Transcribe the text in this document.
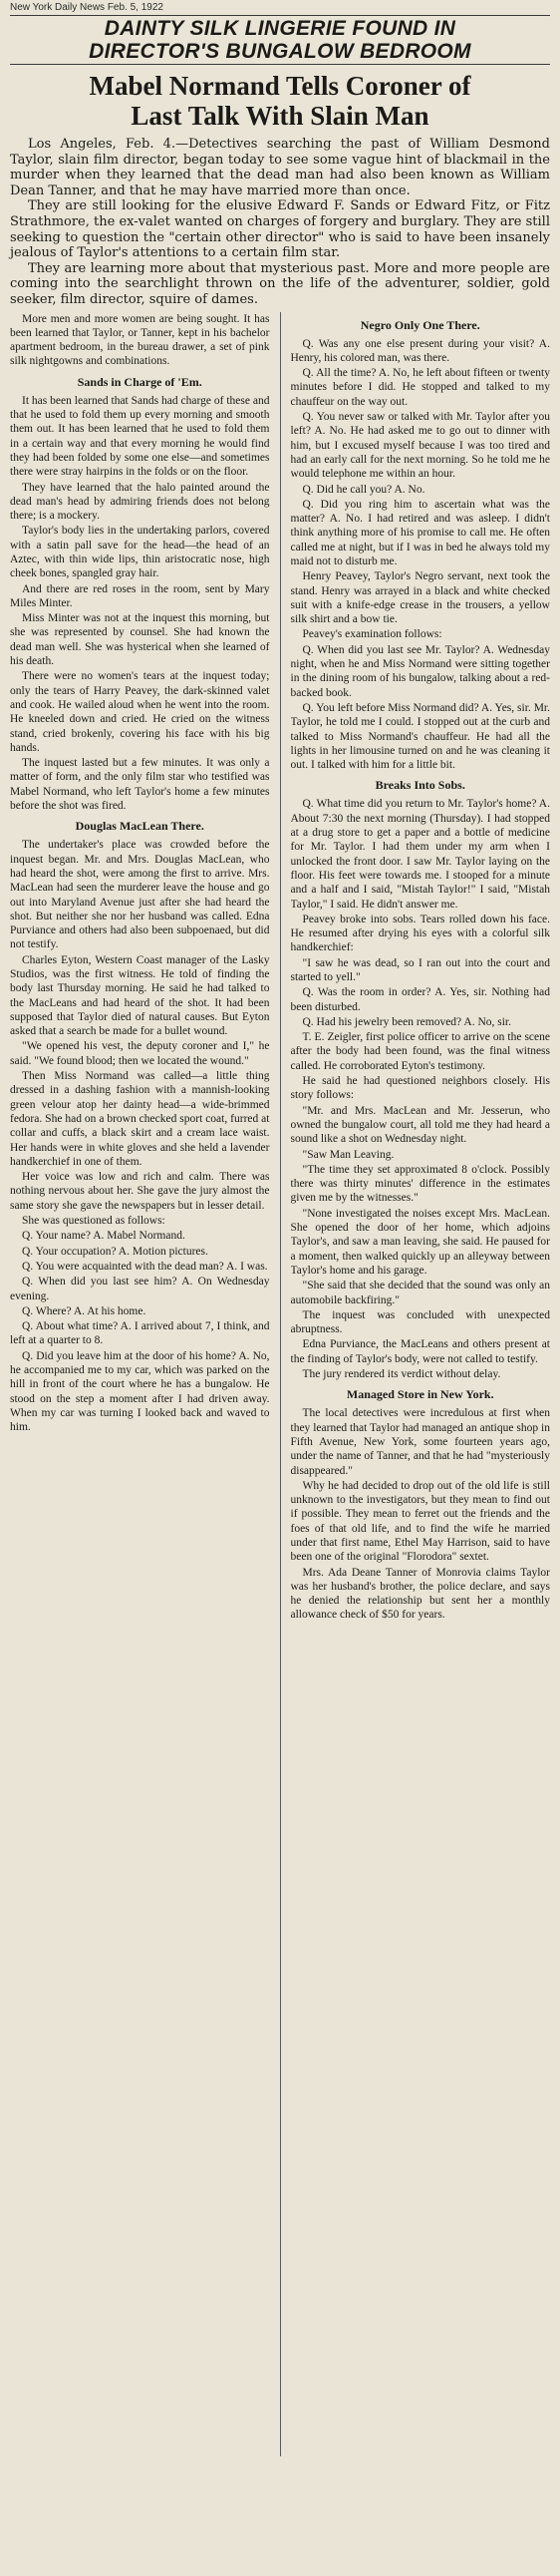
New York Daily News Feb. 5, 1922
DAINTY SILK LINGERIE FOUND IN
DIRECTOR'S BUNGALOW BEDROOM
Mabel Normand Tells Coroner of
Last Talk With Slain Man

Los Angeles, Feb. 4.—Detectives searching the past of William Desmond Taylor, slain film director, began today to see some vague hint of blackmail in the murder when they learned that the dead man had also been known as William Dean Tanner, and that he may have married more than once.

They are still looking for the elusive Edward F. Sands or Edward Fitz, or Fitz Strathmore, the ex-valet wanted on charges of forgery and burglary. They are still seeking to question the "certain other director" who is said to have been insanely jealous of Taylor's attentions to a certain film star.

They are learning more about that mysterious past. More and more people are coming into the searchlight thrown on the life of the adventurer, soldier, gold seeker, film director, squire of dames.

More men and more women are being sought. It has been learned that Taylor, or Tanner, kept in his bachelor apartment bedroom, in the bureau drawer, a set of pink silk nightgowns and combinations.

Sands in Charge of 'Em.

It has been learned that Sands had charge of these and that he used to fold them up every morning and smooth them out. It has been learned that he used to fold them in a certain way and that every morning he would find they had been folded by some one else—and sometimes there were stray hairpins in the folds or on the floor.

They have learned that the halo painted around the dead man's head by admiring friends does not belong there; is a mockery.

Taylor's body lies in the undertaking parlors, covered with a satin pall save for the head—the head of an Aztec, with thin wide lips, thin aristocratic nose, high cheek bones, spangled gray hair.

And there are red roses in the room, sent by Mary Miles Minter.

Miss Minter was not at the inquest this morning, but she was represented by counsel. She had known the dead man well. She was hysterical when she learned of his death.

There were no women's tears at the inquest today; only the tears of Harry Peavey, the dark-skinned valet and cook. He wailed aloud when he went into the room. He kneeled down and cried. He cried on the witness stand, cried brokenly, covering his face with his big hands.

The inquest lasted but a few minutes. It was only a matter of form, and the only film star who testified was Mabel Normand, who left Taylor's home a few minutes before the shot was fired.

Douglas MacLean There.

The undertaker's place was crowded before the inquest began. Mr. and Mrs. Douglas MacLean, who had heard the shot, were among the first to arrive. Mrs. MacLean had seen the murderer leave the house and go out into Maryland Avenue just after she had heard the shot. But neither she nor her husband was called. Edna Purviance and others had also been subpoenaed, but did not testify.

Charles Eyton, Western Coast manager of the Lasky Studios, was the first witness. He told of finding the body last Thursday morning. He said he had talked to the MacLeans and had heard of the shot. It had been supposed that Taylor died of natural causes. But Eyton asked that a search be made for a bullet wound.

"We opened his vest, the deputy coroner and I," he said. "We found blood; then we located the wound."

Then Miss Normand was called—a little thing dressed in a dashing fashion with a mannish-looking green velour atop her dainty head—a wide-brimmed fedora. She had on a brown checked sport coat, furred at collar and cuffs, a black skirt and a cream lace waist. Her hands were in white gloves and she held a lavender handkerchief in one of them.

Her voice was low and rich and calm. There was nothing nervous about her. She gave the jury almost the same story she gave the newspapers but in lesser detail.

She was questioned as follows:

Q. Your name? A. Mabel Normand.

Q. Your occupation? A. Motion pictures.

Q. You were acquainted with the dead man? A. I was.

Q. When did you last see him? A. On Wednesday evening.

Q. Where? A. At his home.

Q. About what time? A. I arrived about 7, I think, and left at a quarter to 8.

Q. Did you leave him at the door of his home? A. No, he accompanied me to my car, which was parked on the hill in front of the court where he has a bungalow. He stood on the step a moment after I had driven away. When my car was turning I looked back and waved to him.

Negro Only One There.

Q. Was any one else present during your visit? A. Henry, his colored man, was there.

Q. All the time? A. No, he left about fifteen or twenty minutes before I did. He stopped and talked to my chauffeur on the way out.

Q. You never saw or talked with Mr. Taylor after you left? A. No. He had asked me to go out to dinner with him, but I excused myself because I was too tired and had an early call for the next morning. So he told me he would telephone me within an hour.

Q. Did he call you? A. No.

Q. Did you ring him to ascertain what was the matter? A. No. I had retired and was asleep. I didn't think anything more of his promise to call me. He often called me at night, but if I was in bed he always told my maid not to disturb me.

Henry Peavey, Taylor's Negro servant, next took the stand. Henry was arrayed in a black and white checked suit with a knife-edge crease in the trousers, a yellow silk shirt and a bow tie.

Peavey's examination follows:

Q. When did you last see Mr. Taylor? A. Wednesday night, when he and Miss Normand were sitting together in the dining room of his bungalow, talking about a red-backed book.

Q. You left before Miss Normand did? A. Yes, sir. Mr. Taylor, he told me I could. I stopped out at the curb and talked to Miss Normand's chauffeur. He had all the lights in her limousine turned on and he was cleaning it out. I talked with him for a little bit.

Breaks Into Sobs.

Q. What time did you return to Mr. Taylor's home? A. About 7:30 the next morning (Thursday). I had stopped at a drug store to get a paper and a bottle of medicine for Mr. Taylor. I had them under my arm when I unlocked the front door. I saw Mr. Taylor laying on the floor. His feet were towards me. I stooped for a minute and a half and I said, "Mistah Taylor!" I said, "Mistah Taylor," I said. He didn't answer me.

Peavey broke into sobs. Tears rolled down his face. He resumed after drying his eyes with a colorful silk handkerchief:

"I saw he was dead, so I ran out into the court and started to yell."

Q. Was the room in order? A. Yes, sir. Nothing had been disturbed.

Q. Had his jewelry been removed? A. No, sir.

T. E. Zeigler, first police officer to arrive on the scene after the body had been found, was the final witness called. He corroborated Eyton's testimony.

He said he had questioned neighbors closely. His story follows:

"Mr. and Mrs. MacLean and Mr. Jesserun, who owned the bungalow court, all told me they had heard a sound like a shot on Wednesday night.

"Saw Man Leaving.

"The time they set approximated 8 o'clock. Possibly there was thirty minutes' difference in the estimates given me by the witnesses."

"None investigated the noises except Mrs. MacLean. She opened the door of her home, which adjoins Taylor's, and saw a man leaving, she said. He paused for a moment, then walked quickly up an alleyway between Taylor's home and his garage.

"She said that she decided that the sound was only an automobile backfiring."

The inquest was concluded with unexpected abruptness.

Edna Purviance, the MacLeans and others present at the finding of Taylor's body, were not called to testify.

The jury rendered its verdict without delay.

Managed Store in New York.

The local detectives were incredulous at first when they learned that Taylor had managed an antique shop in Fifth Avenue, New York, some fourteen years ago, under the name of Tanner, and that he had "mysteriously disappeared."

Why he had decided to drop out of the old life is still unknown to the investigators, but they mean to find out if possible. They mean to ferret out the friends and the foes of that old life, and to find the wife he married under that first name, Ethel May Harrison, said to have been one of the original "Florodora" sextet.

Mrs. Ada Deane Tanner of Monrovia claims Taylor was her husband's brother, the police declare, and says he denied the relationship but sent her a monthly allowance check of $50 for years.
